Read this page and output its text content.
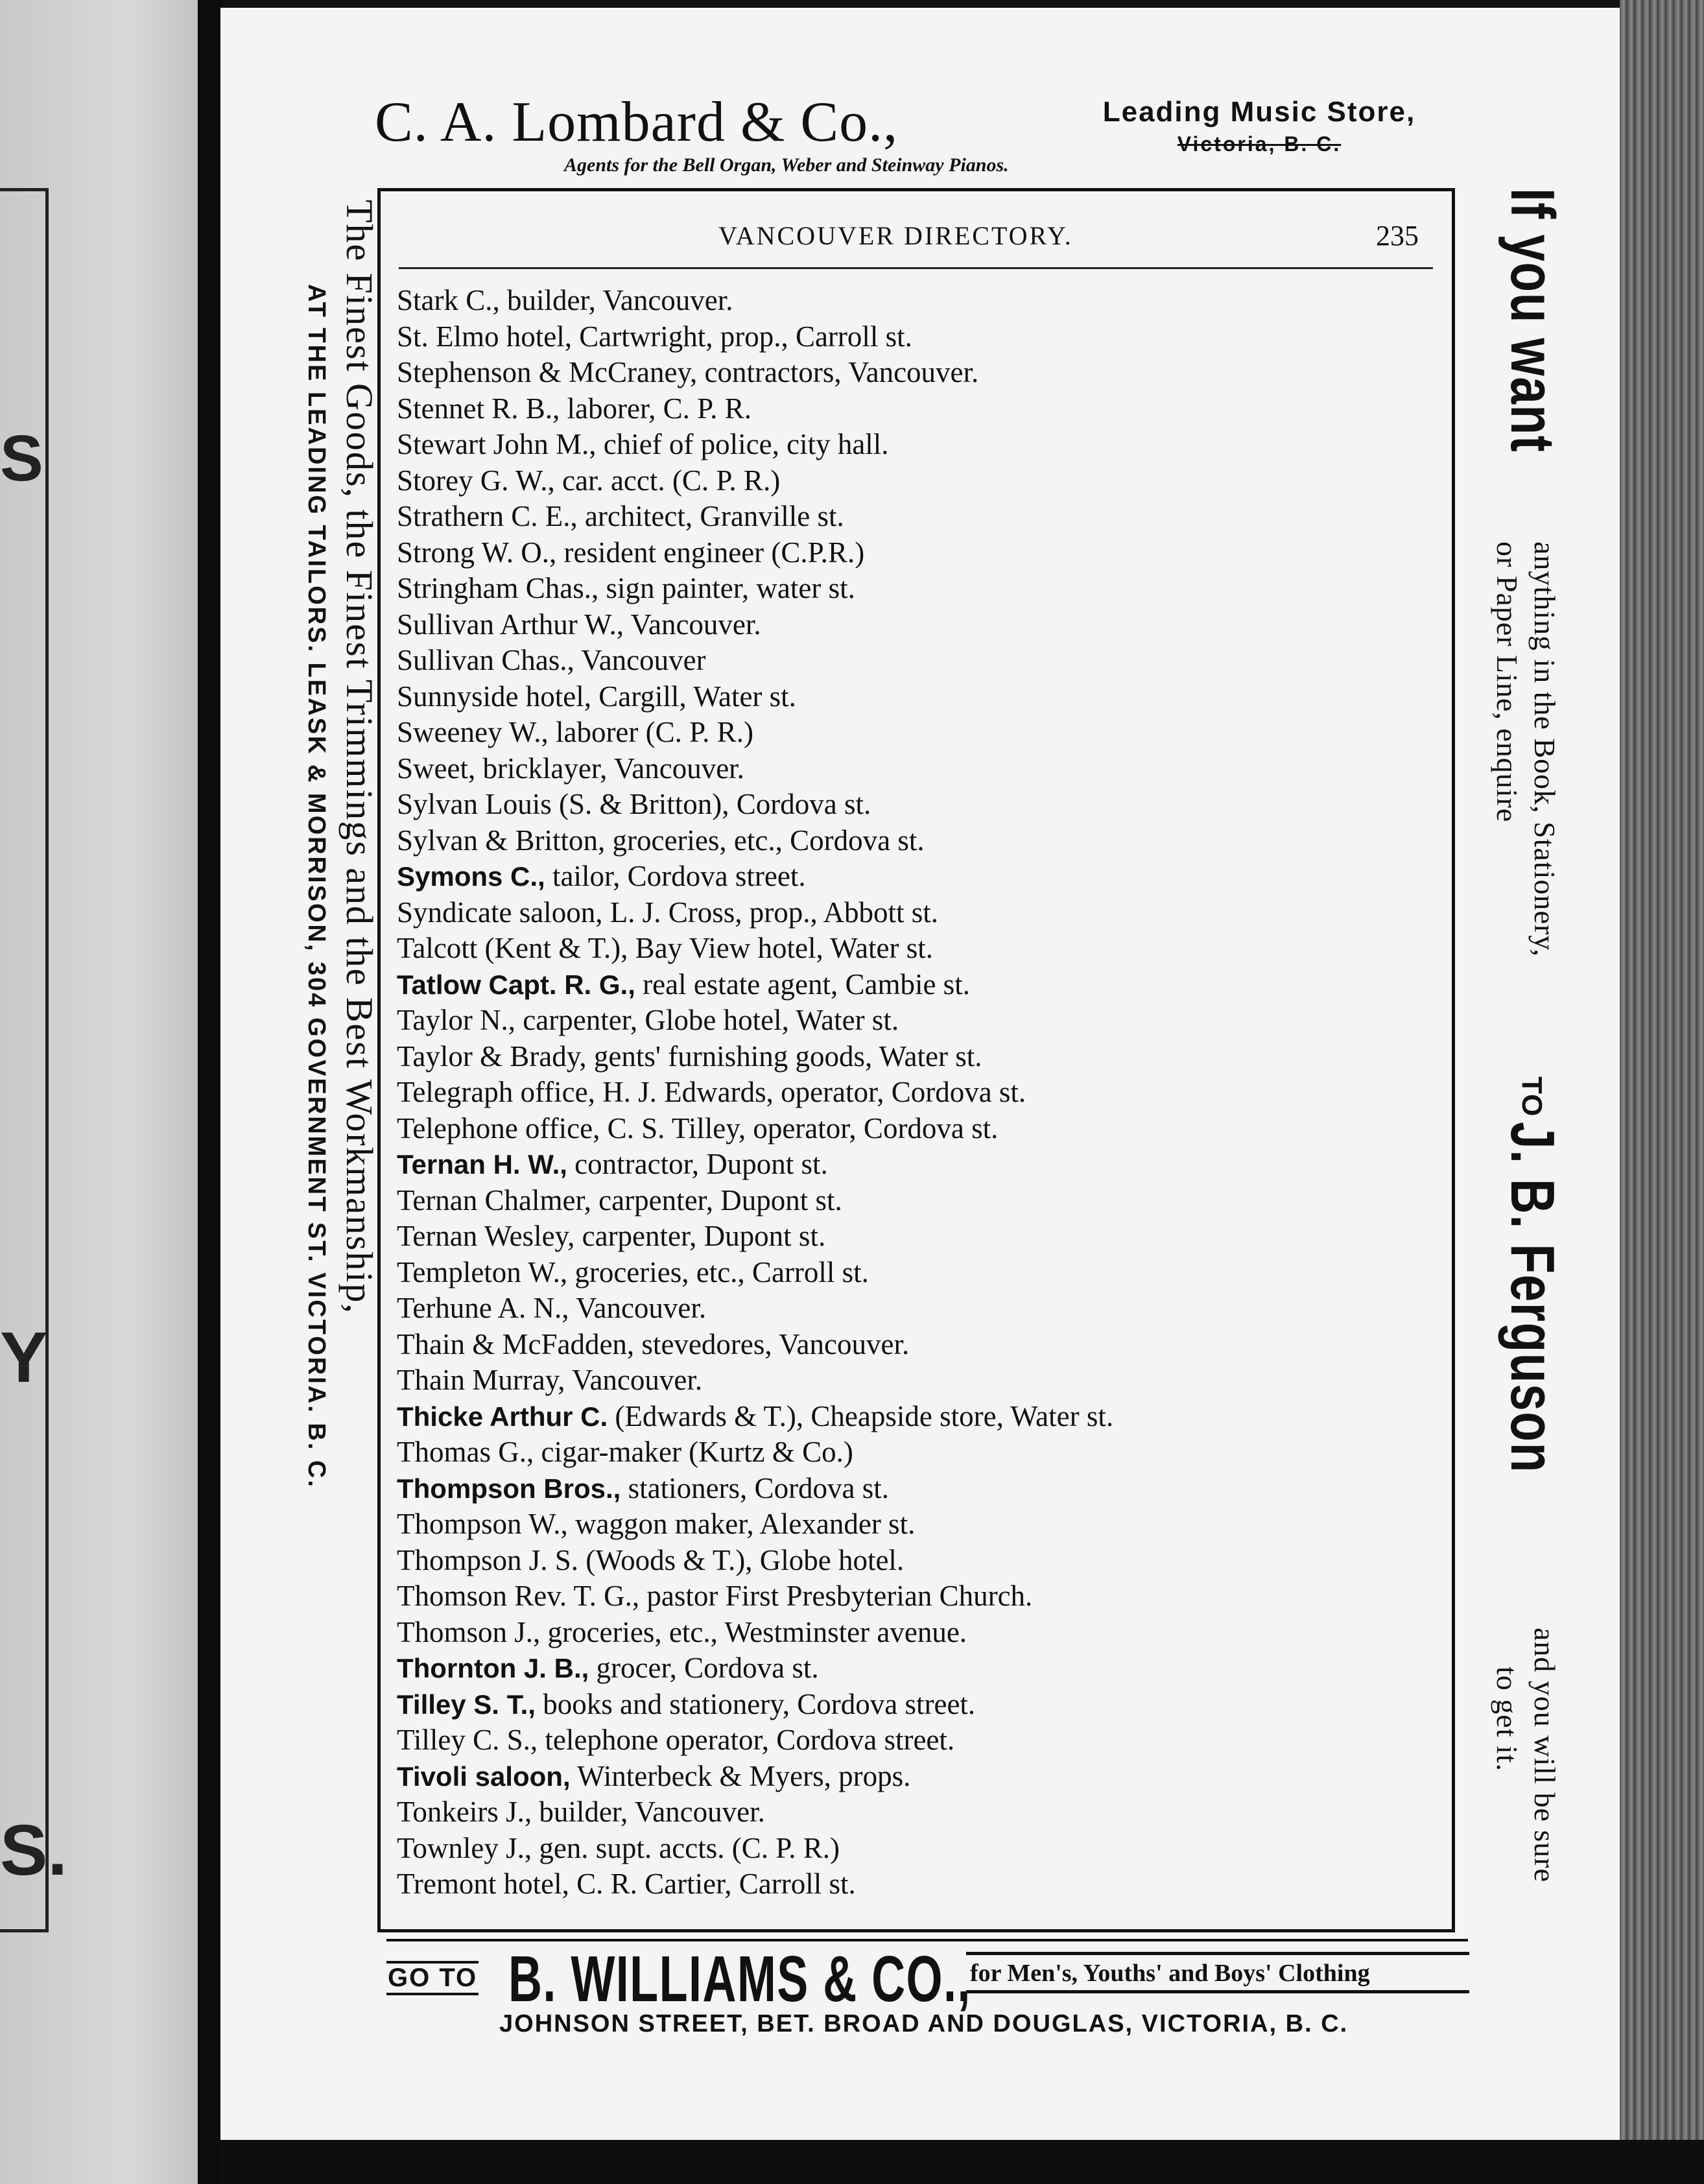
S
Y
S.
C. A. Lombard & Co.,	Leading Music Store,
Victoria, B. C.
Agents for the Bell Organ, Weber and Steinway Pianos.
VANCOUVER DIRECTORY.	235
Stark C., builder, Vancouver.
St. Elmo hotel, Cartwright, prop., Carroll st.
Stephenson & McCraney, contractors, Vancouver.
Stennet R. B., laborer, C. P. R.
Stewart John M., chief of police, city hall.
Storey G. W., car. acct. (C. P. R.)
Strathern C. E., architect, Granville st.
Strong W. O., resident engineer (C.P.R.)
Stringham Chas., sign painter, water st.
Sullivan Arthur W., Vancouver.
Sullivan Chas., Vancouver
Sunnyside hotel, Cargill, Water st.
Sweeney W., laborer (C. P. R.)
Sweet, bricklayer, Vancouver.
Sylvan Louis (S. & Britton), Cordova st.
Sylvan & Britton, groceries, etc., Cordova st.
Symons C., tailor, Cordova street.
Syndicate saloon, L. J. Cross, prop., Abbott st.
Talcott (Kent & T.), Bay View hotel, Water st.
Tatlow Capt. R. G., real estate agent, Cambie st.
Taylor N., carpenter, Globe hotel, Water st.
Taylor & Brady, gents' furnishing goods, Water st.
Telegraph office, H. J. Edwards, operator, Cordova st.
Telephone office, C. S. Tilley, operator, Cordova st.
Ternan H. W., contractor, Dupont st.
Ternan Chalmer, carpenter, Dupont st.
Ternan Wesley, carpenter, Dupont st.
Templeton W., groceries, etc., Carroll st.
Terhune A. N., Vancouver.
Thain & McFadden, stevedores, Vancouver.
Thain Murray, Vancouver.
Thicke Arthur C. (Edwards & T.), Cheapside store, Water st.
Thomas G., cigar-maker (Kurtz & Co.)
Thompson Bros., stationers, Cordova st.
Thompson W., waggon maker, Alexander st.
Thompson J. S. (Woods & T.), Globe hotel.
Thomson Rev. T. G., pastor First Presbyterian Church.
Thomson J., groceries, etc., Westminster avenue.
Thornton J. B., grocer, Cordova st.
Tilley S. T., books and stationery, Cordova street.
Tilley C. S., telephone operator, Cordova street.
Tivoli saloon, Winterbeck & Myers, props.
Tonkeirs J., builder, Vancouver.
Townley J., gen. supt. accts. (C. P. R.)
Tremont hotel, C. R. Cartier, Carroll st.
The Finest Goods, the Finest Trimmings and the Best Workmanship,
AT THE LEADING TAILORS. LEASK & MORRISON, 304 GOVERNMENT ST. VICTORIA. B. C.	If you want
anything in the Book, Stationery,
or Paper Line, enquire
TO
J. B. Ferguson
and you will be sure
to get it.
GO TO B. WILLIAMS & CO.,
for Men's, Youths' and Boys' Clothing
JOHNSON STREET, BET. BROAD AND DOUGLAS, VICTORIA, B. C.
